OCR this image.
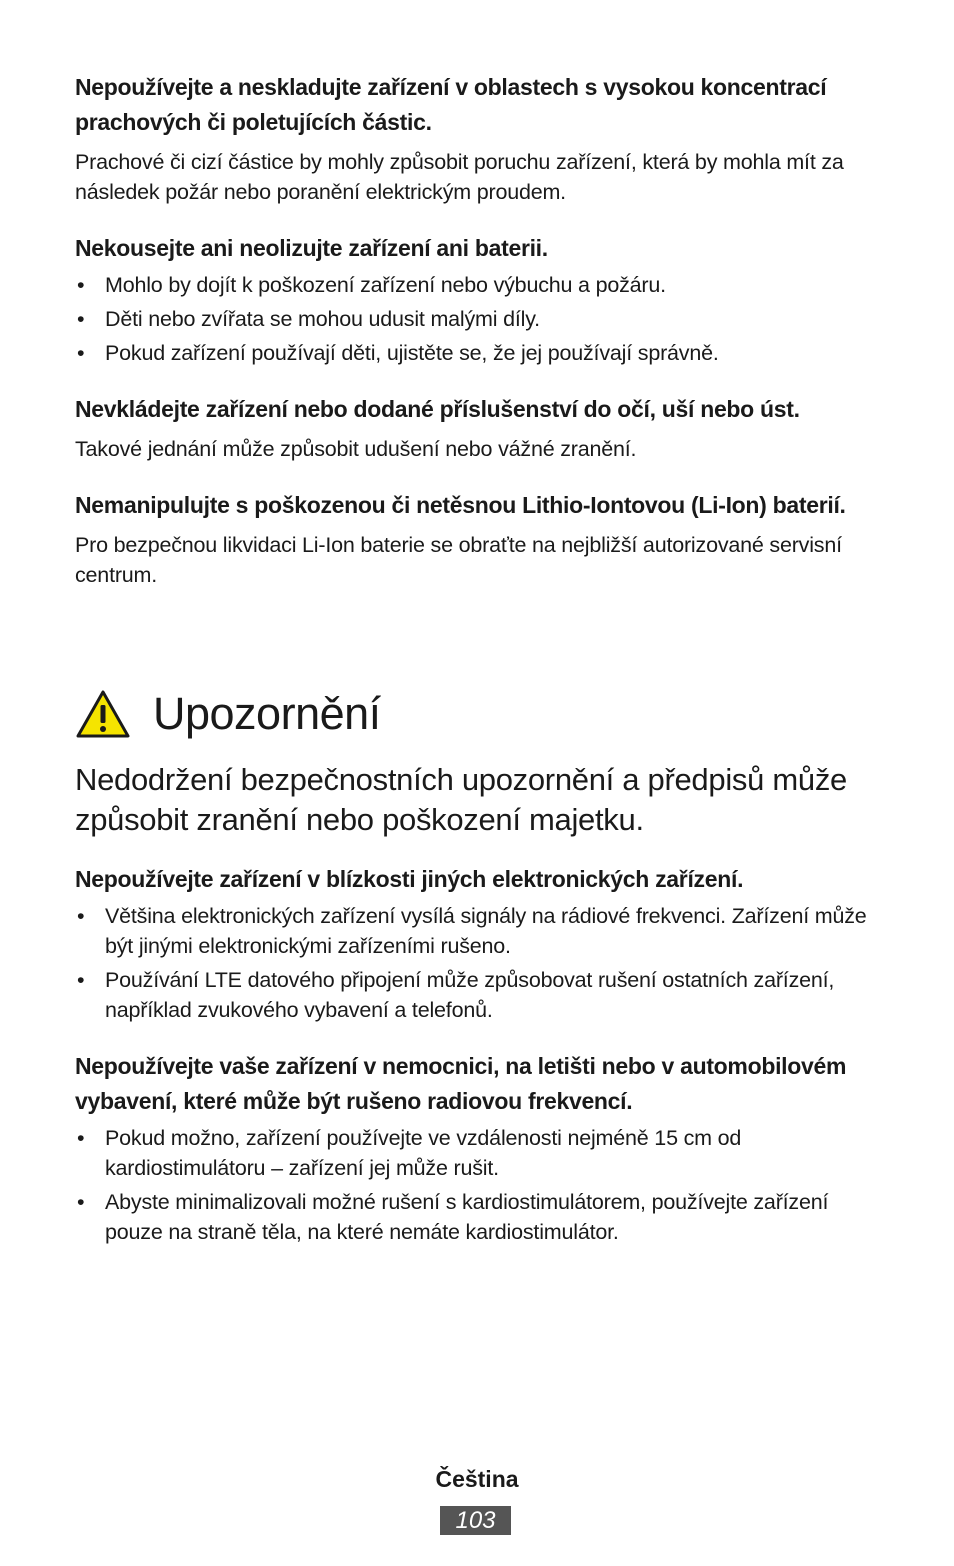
Nepoužívejte a neskladujte zařízení v oblastech s vysokou koncentrací prachových či poletujících částic.

Prachové či cizí částice by mohly způsobit poruchu zařízení, která by mohla mít za následek požár nebo poranění elektrickým proudem.

Nekousejte ani neolizujte zařízení ani baterii.

• Mohlo by dojít k poškození zařízení nebo výbuchu a požáru.
• Děti nebo zvířata se mohou udusit malými díly.
• Pokud zařízení používají děti, ujistěte se, že jej používají správně.

Nevkládejte zařízení nebo dodané příslušenství do očí, uší nebo úst.

Takové jednání může způsobit udušení nebo vážné zranění.

Nemanipulujte s poškozenou či netěsnou Lithio-Iontovou (Li-Ion) baterií.

Pro bezpečnou likvidaci Li-Ion baterie se obraťte na nejbližší autorizované servisní centrum.

Upozornění

Nedodržení bezpečnostních upozornění a předpisů může způsobit zranění nebo poškození majetku.

Nepoužívejte zařízení v blízkosti jiných elektronických zařízení.

• Většina elektronických zařízení vysílá signály na rádiové frekvenci. Zařízení může být jinými elektronickými zařízeními rušeno.
• Používání LTE datového připojení může způsobovat rušení ostatních zařízení, například zvukového vybavení a telefonů.

Nepoužívejte vaše zařízení v nemocnici, na letišti nebo v automobilovém vybavení, které může být rušeno radiovou frekvencí.

• Pokud možno, zařízení používejte ve vzdálenosti nejméně 15 cm od kardiostimulátoru – zařízení jej může rušit.
• Abyste minimalizovali možné rušení s kardiostimulátorem, používejte zařízení pouze na straně těla, na které nemáte kardiostimulátor.
Čeština
103
